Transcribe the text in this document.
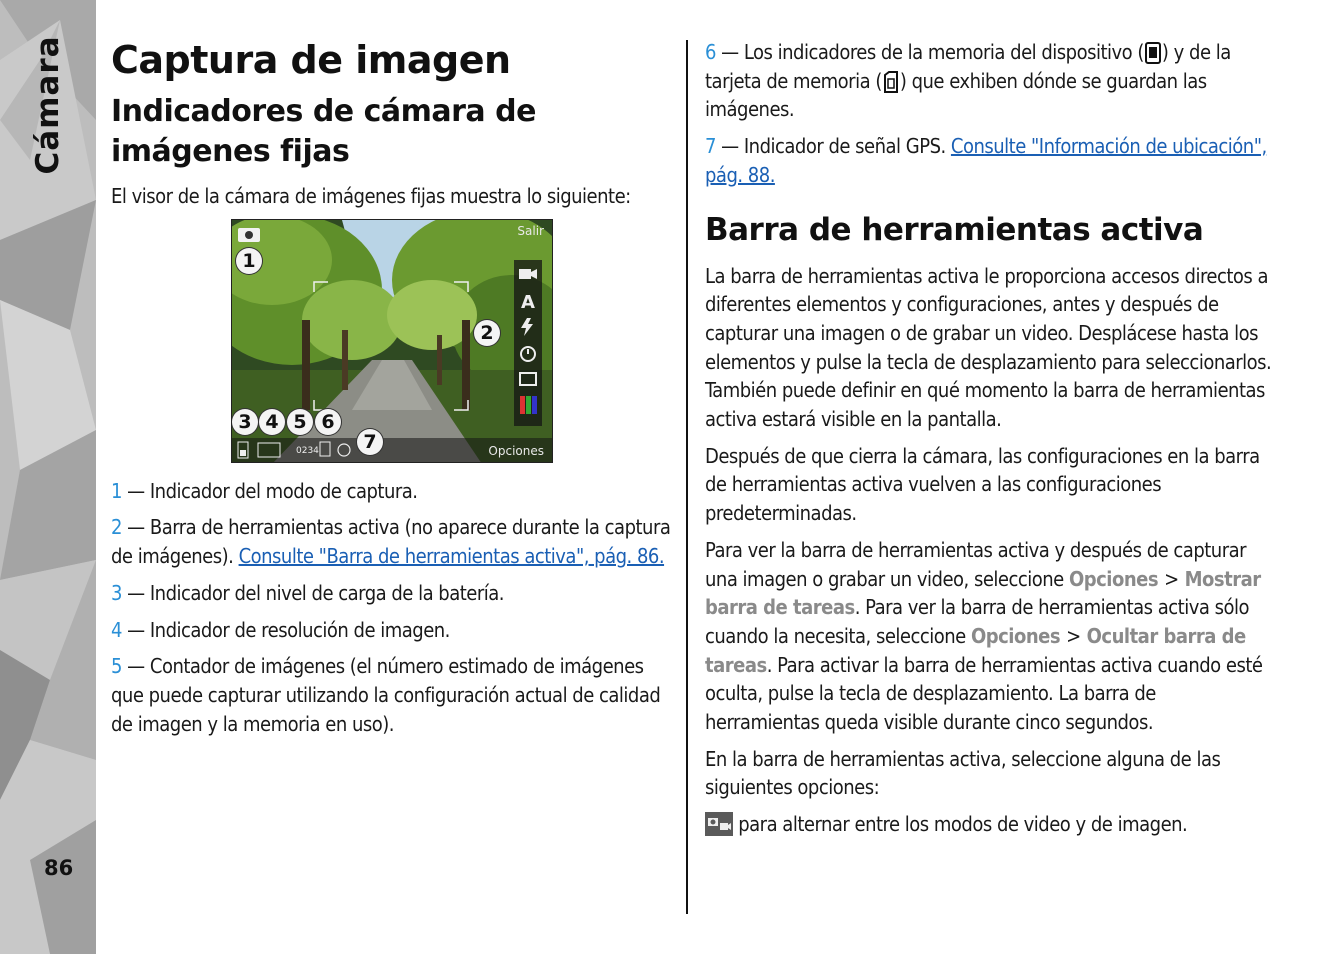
Cámara
86
Captura de imagen
Indicadores de cámara de imágenes fijas

El visor de la cámara de imágenes fijas muestra lo siguiente:

A
Salir
Opciones
0234
1
2
3 4 5 6
7

1 — Indicador del modo de captura.

2 — Barra de herramientas activa (no aparece durante la captura de imágenes). Consulte "Barra de herramientas activa", pág. 86.

3 — Indicador del nivel de carga de la batería.

4 — Indicador de resolución de imagen.

5 — Contador de imágenes (el número estimado de imágenes que puede capturar utilizando la configuración actual de calidad de imagen y la memoria en uso).

6 — Los indicadores de la memoria del dispositivo ( ) y de la tarjeta de memoria ( ) que exhiben dónde se guardan las imágenes.

7 — Indicador de señal GPS. Consulte "Información de ubicación", pág. 88.

Barra de herramientas activa

La barra de herramientas activa le proporciona accesos directos a diferentes elementos y configuraciones, antes y después de capturar una imagen o de grabar un video. Desplácese hasta los elementos y pulse la tecla de desplazamiento para seleccionarlos. También puede definir en qué momento la barra de herramientas activa estará visible en la pantalla.

Después de que cierra la cámara, las configuraciones en la barra de herramientas activa vuelven a las configuraciones predeterminadas.

Para ver la barra de herramientas activa y después de capturar una imagen o grabar un video, seleccione Opciones > Mostrar barra de tareas. Para ver la barra de herramientas activa sólo cuando la necesita, seleccione Opciones > Ocultar barra de tareas. Para activar la barra de herramientas activa cuando esté oculta, pulse la tecla de desplazamiento. La barra de herramientas queda visible durante cinco segundos.

En la barra de herramientas activa, seleccione alguna de las siguientes opciones:

para alternar entre los modos de video y de imagen.
